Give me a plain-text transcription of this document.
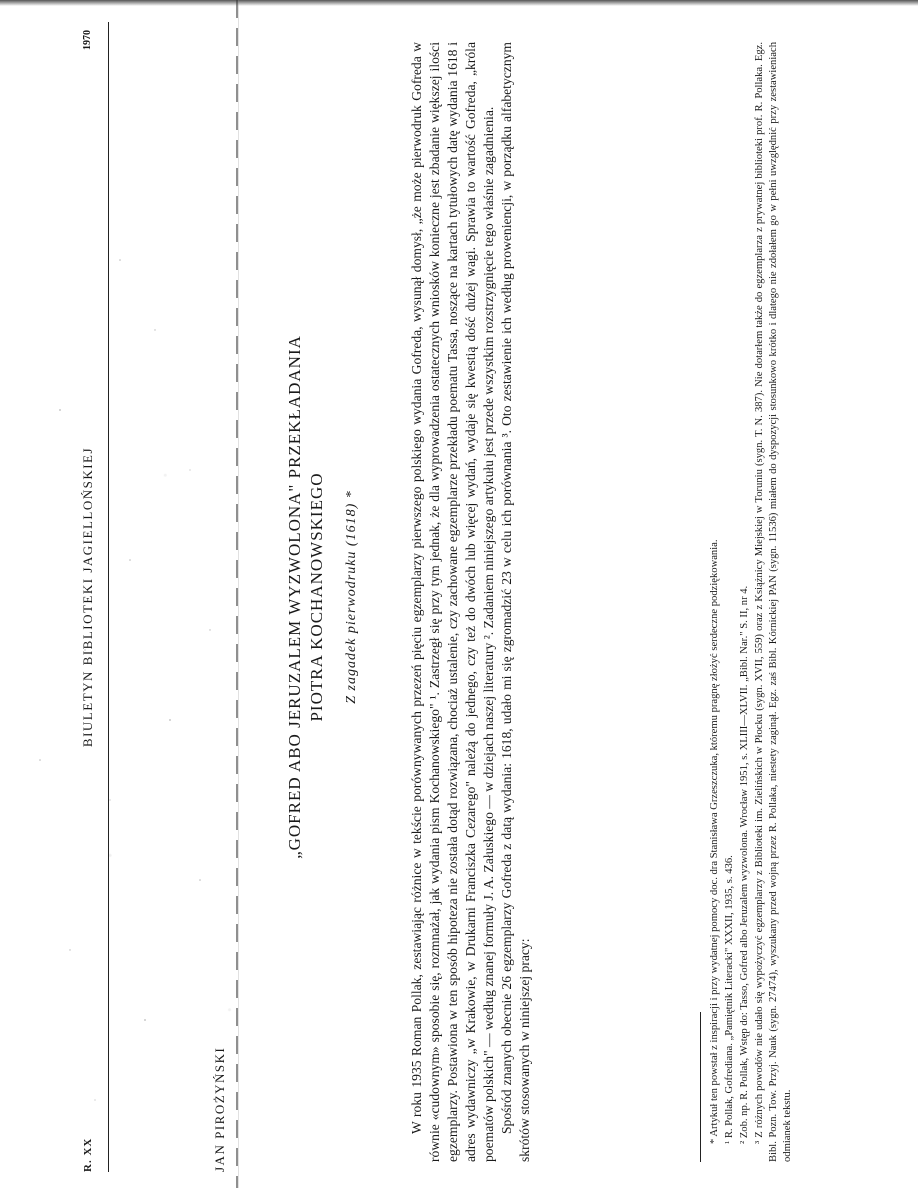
R. XX
BIULETYN BIBLIOTEKI JAGIELLOŃSKIEJ
1970
JAN PIROŻYŃSKI
„GOFRED ABO JERUZALEM WYZWOLONA" PRZEKŁADANIA PIOTRA KOCHANOWSKIEGO Z zagadek pierwodruku (1618) *	W roku 1935 Roman Pollak, zestawiając różnice w tekście porównywanych przezeń pięciu egzemplarzy pierwszego polskiego wydania Gofreda, wysunął domysł, „że może pierwodruk Gofreda w równie «cudownym» sposobie się, rozmnażał, jak wydania pism Kochanowskiego" ¹. Zastrzegł się przy tym jednak, że dla wyprowadzenia ostatecznych wniosków konieczne jest zbadanie większej ilości egzemplarzy. Postawiona w ten sposób hipoteza nie została dotąd rozwiązana, chociaż ustalenie, czy zachowane egzemplarze przekładu poematu Tassa, noszące na kartach tytułowych datę wydania 1618 i adres wydawniczy „w Krakowie, w Drukarni Franciszka Cezarego" należą do jednego, czy też do dwóch lub więcej wydań, wydaje się kwestią dość dużej wagi. Sprawia to wartość Gofreda, „króla poematów polskich" — według znanej formuły J. A. Załuskiego — w dziejach naszej literatury ². Zadaniem niniejszego artykułu jest przede wszystkim rozstrzygnięcie tego właśnie zagadnienia. Spośród znanych obecnie 26 egzemplarzy Gofreda z datą wydania: 1618, udało mi się zgromadzić 23 w celu ich porównania ³. Oto zestawienie ich według proweniencji, w porządku alfabetycznym skrótów stosowanych w niniejszej pracy:	* Artykuł ten powstał z inspiracji i przy wydatnej pomocy doc. dra Stanisława Grzeszczuka, któremu pragnę złożyć serdeczne podziękowania. ¹ R. Pollak, Gofrediana. „Pamiętnik Literacki" XXXII, 1935, s. 436. ² Zob. np. R. Pollak, Wstęp do: Tasso, Gofred albo Jeruzalem wyzwolona. Wrocław 1951, s. XLIII—XLVII. „Bibl. Nar." S. II, nr 4. ³ Z różnych powodów nie udało się wypożyczyć egzemplarzy z Biblioteki im. Zielińskich w Płocku (sygn. XVII, 559) oraz z Książnicy Miejskiej w Toruniu (sygn. T. N. 387). Nie dotarłem także do egzemplarza z prywatnej biblioteki prof. R. Pollaka. Egz. Bibl. Pozn. Tow. Przyj. Nauk (sygn. 27474), wyszukany przed wojną przez R. Pollaka, niestety zaginął. Egz. zaś Bibl. Kórnickiej PAN (sygn. 11536) miałem do dyspozycji stosunkowo krótko i dlatego nie zdołałem go w pełni uwzględnić przy zestawieniach odmianek tekstu.
